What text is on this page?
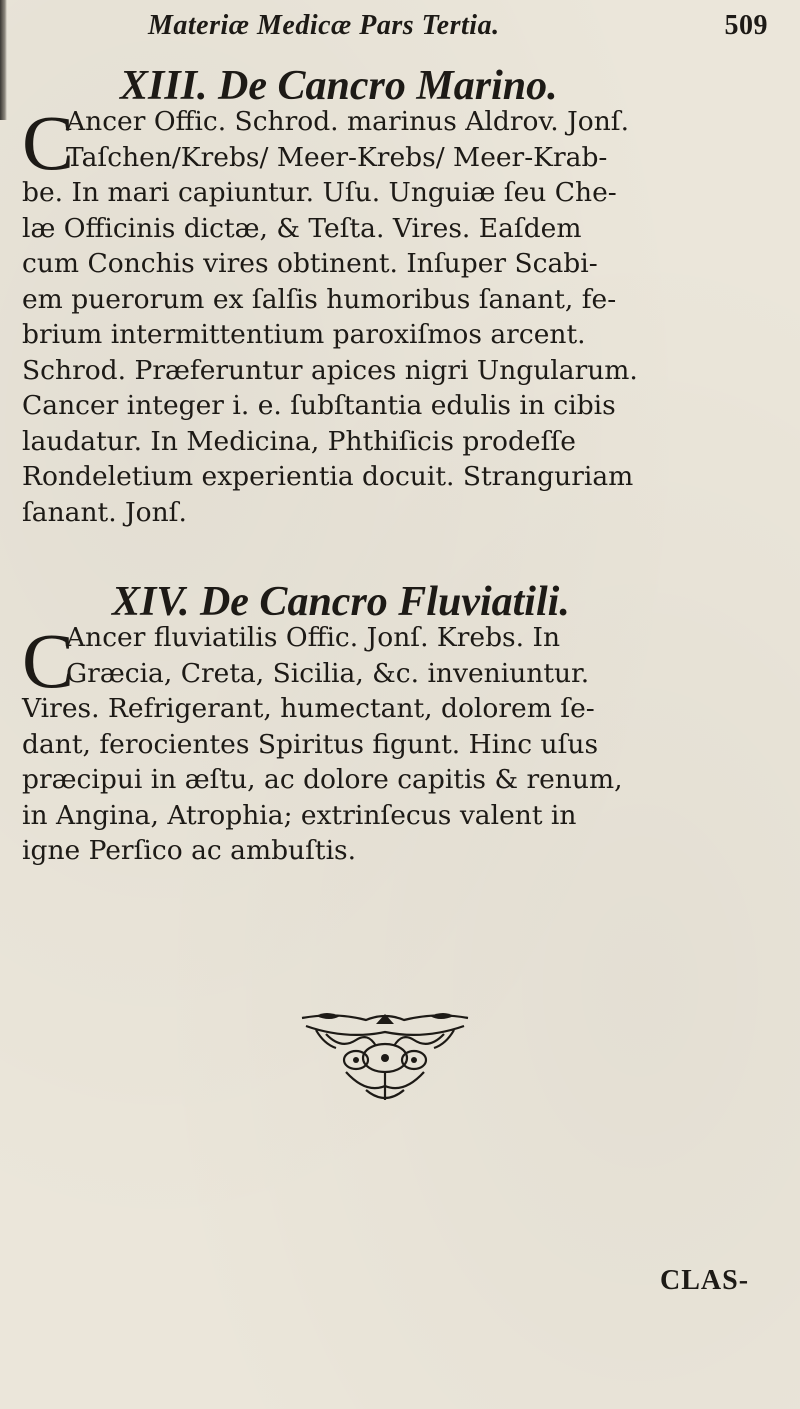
Materiæ Medicæ Pars Tertia.	509
XIII. De Cancro Marino.
C
Ancer Offic. Schrod. marinus Aldrov. Jonſ.
Taſchen/Krebs/ Meer-Krebs/ Meer-Krab-
be. In mari capiuntur. Uſu. Unguiæ ſeu Che-
læ Officinis dictæ, & Teſta. Vires. Eaſdem
cum Conchis vires obtinent. Inſuper Scabi-
em puerorum ex ſalſis humoribus ſanant, fe-
brium intermittentium paroxiſmos arcent.
Schrod. Præferuntur apices nigri Ungularum.
Cancer integer i. e. ſubſtantia edulis in cibis
laudatur. In Medicina, Phthiſicis prodeſſe
Rondeletium experientia docuit. Stranguriam
ſanant. Jonſ.
XIV. De Cancro Fluviatili.
C
Ancer fluviatilis Offic. Jonſ. Krebs. In
Græcia, Creta, Sicilia, &c. inveniuntur.
Vires. Refrigerant, humectant, dolorem ſe-
dant, ferocientes Spiritus figunt. Hinc uſus
præcipui in æſtu, ac dolore capitis & renum,
in Angina, Atrophia; extrinſecus valent in
igne Perſico ac ambuſtis.
CLAS-
